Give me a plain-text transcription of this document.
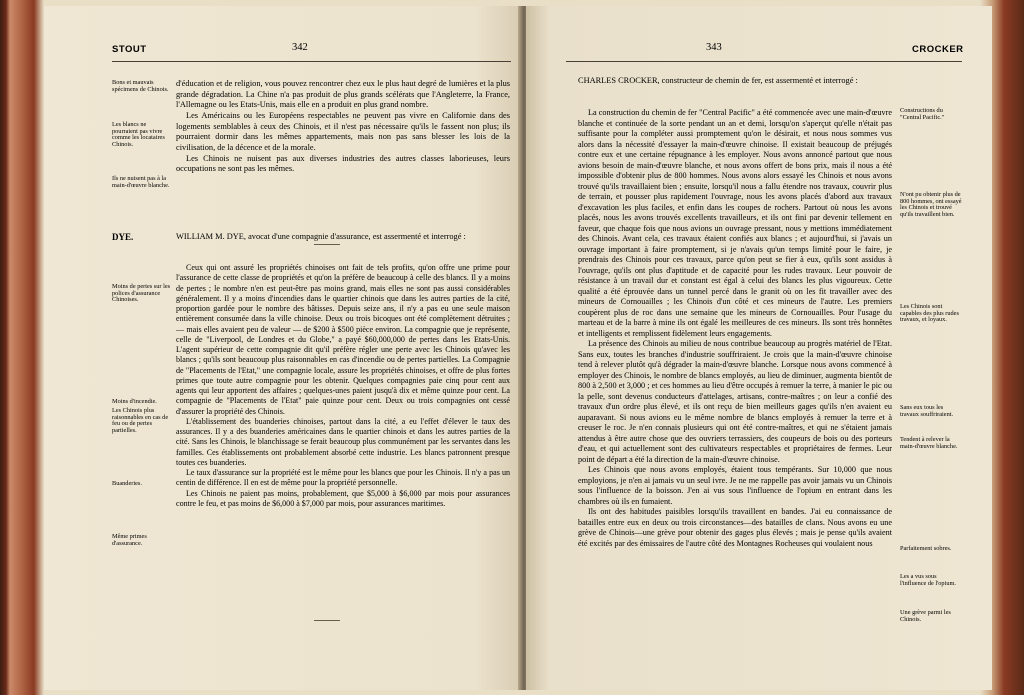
STOUT	342
Bons et mauvais spécimens de Chinois.
Les blancs ne pourraient pas vivre comme les locataires Chinois.
Ils ne nuisent pas à la main-d'œuvre blanche.

d'éducation et de religion, vous pouvez rencontrer chez eux le plus haut degré de lumières et la plus grande dégradation. La Chine n'a pas produit de plus grands scélérats que l'Angleterre, la France, l'Allemagne ou les Etats-Unis, mais elle en a produit en plus grand nombre.

Les Américains ou les Européens respectables ne peuvent pas vivre en Californie dans des logements semblables à ceux des Chinois, et il n'est pas nécessaire qu'ils le fassent non plus; ils pourraient dormir dans les mêmes appartements, mais non pas sans blesser les lois de la civilisation, de la décence et de la morale.

Les Chinois ne nuisent pas aux diverses industries des autres classes laborieuses, leurs occupations ne sont pas les mêmes.

DYE.	WILLIAM M. DYE, avocat d'une compagnie d'assurance, est assermenté et interrogé :

Moins de pertes sur les polices d'assurance Chinoises.
Moins d'incendie.
Les Chinois plus raisonnables en cas de feu ou de pertes partielles.
Buanderies.
Même primes d'assurance.

Ceux qui ont assuré les propriétés chinoises ont fait de tels profits, qu'on offre une prime pour l'assurance de cette classe de propriétés et qu'on la préfère de beaucoup à celle des blancs. Il y a moins de pertes ; le nombre n'en est peut-être pas moins grand, mais elles ne sont pas aussi considérables généralement. Il y a moins d'incendies dans le quartier chinois que dans les autres parties de la cité, proportion gardée pour le nombre des bâtisses. Depuis seize ans, il n'y a pas eu une seule maison entièrement consumée dans la ville chinoise. Deux ou trois bicoques ont été complètement détruites ; — mais elles avaient peu de valeur — de $200 à $500 pièce environ. La compagnie que je représente, celle de "Liverpool, de Londres et du Globe," a payé $60,000,000 de pertes dans les Etats-Unis. L'agent supérieur de cette compagnie dit qu'il préfère régler une perte avec les Chinois qu'avec les blancs ; qu'ils sont beaucoup plus raisonnables en cas d'incendie ou de pertes partielles. La Compagnie de "Placements de l'Etat," une compagnie locale, assure les propriétés chinoises, et offre de plus fortes primes que toute autre compagnie pour les obtenir. Quelques compagnies paie cinq pour cent aux agents qui leur apportent des affaires ; quelques-unes paient jusqu'à dix et même quinze pour cent. La compagnie de "Placements de l'Etat" paie quinze pour cent. Deux ou trois compagnies ont cessé d'assurer la propriété des Chinois.

L'établissement des buanderies chinoises, partout dans la cité, a eu l'effet d'élever le taux des assurances. Il y a des buanderies américaines dans le quartier chinois et dans les autres parties de la cité. Sans les Chinois, le blanchissage se ferait beaucoup plus communément par les servantes dans les familles. Ces établissements ont probablement absorbé cette industrie. Les blancs patronnent presque toutes ces buanderies.

Le taux d'assurance sur la propriété est le même pour les blancs que pour les Chinois. Il n'y a pas un centin de différence. Il en est de même pour la propriété personnelle.

Les Chinois ne paient pas moins, probablement, que $5,000 à $6,000 par mois pour assurances contre le feu, et pas moins de $6,000 à $7,000 par mois, pour assurances maritimes.

343	CROCKER

CHARLES CROCKER, constructeur de chemin de fer, est assermenté et interrogé :

La construction du chemin de fer "Central Pacific" a été commencée avec une main-d'œuvre blanche et continuée de la sorte pendant un an et demi, lorsqu'on s'aperçut qu'elle n'était pas suffisante pour la compléter aussi promptement qu'on le désirait, et nous nous sommes vus alors dans la nécessité d'essayer la main-d'œuvre chinoise. Il existait beaucoup de préjugés contre eux et une certaine répugnance à les employer. Nous avons annoncé partout que nous avions besoin de main-d'œuvre blanche, et nous avons offert de bons prix, mais il nous a été impossible d'obtenir plus de 800 hommes. Nous avons alors essayé les Chinois et nous avons trouvé qu'ils travaillaient bien ; ensuite, lorsqu'il nous a fallu étendre nos travaux, couvrir plus de terrain, et pousser plus rapidement l'ouvrage, nous les avons placés d'abord aux travaux d'excavation les plus faciles, et enfin dans les coupes de rochers. Partout où nous les avons placés, nous les avons trouvés excellents travailleurs, et ils ont fini par devenir tellement en faveur, que chaque fois que nous avions un ouvrage pressant, nous y mettions immédiatement des Chinois. Avant cela, ces travaux étaient confiés aux blancs ; et aujourd'hui, si j'avais un ouvrage important à faire promptement, si je n'avais qu'un temps limité pour le faire, je prendrais des Chinois pour ces travaux, parce qu'on peut se fier à eux, qu'ils sont assidus à l'ouvrage, qu'ils ont plus d'aptitude et de capacité pour les rudes travaux. Leur pouvoir de résistance à un travail dur et constant est égal à celui des blancs les plus vigoureux. Cette qualité a été éprouvée dans un tunnel percé dans le granit où on les fit travailler avec des mineurs de Cornouailles ; les Chinois d'un côté et ces mineurs de l'autre. Les premiers coupèrent plus de roc dans une semaine que les mineurs de Cornouailles. Pour l'usage du marteau et de la barre à mine ils ont égalé les meilleures de ces mineurs. Ils sont très honnêtes et intelligents et remplissent fidèlement leurs engagements.

La présence des Chinois au milieu de nous contribue beaucoup au progrès matériel de l'Etat. Sans eux, toutes les branches d'industrie souffriraient. Je crois que la main-d'œuvre chinoise tend à relever plutôt qu'à dégrader la main-d'œuvre blanche. Lorsque nous avons commencé à employer des Chinois, le nombre de blancs employés, au lieu de diminuer, augmenta bientôt de 800 à 2,500 et 3,000 ; et ces hommes au lieu d'être occupés à remuer la terre, à manier le pic ou la pelle, sont devenus conducteurs d'attelages, artisans, contre-maîtres ; on leur a confié des travaux d'un ordre plus élevé, et ils ont reçu de bien meilleurs gages qu'ils n'en avaient eu auparavant. Si nous avions eu le même nombre de blancs employés à remuer la terre et à creuser le roc. Je n'en connais plusieurs qui ont été contre-maîtres, et qui ne s'étaient jamais attendus à être autre chose que des ouvriers terrassiers, des coupeurs de bois ou des porteurs d'eau, et qui actuellement sont des cultivateurs respectables et propriétaires de fermes. Leur point de départ a été la direction de la main-d'œuvre chinoise.

Les Chinois que nous avons employés, étaient tous tempérants. Sur 10,000 que nous employions, je n'en ai jamais vu un seul ivre. Je ne me rappelle pas avoir jamais vu un Chinois sous l'influence de la boisson. J'en ai vus sous l'influence de l'opium en entrant dans les chambres où ils en fumaient.

Ils ont des habitudes paisibles lorsqu'ils travaillent en bandes. J'ai eu connaissance de batailles entre eux en deux ou trois circonstances—des batailles de clans. Nous avons eu une grève de Chinois—une grève pour obtenir des gages plus élevés ; mais je pense qu'ils avaient été excités par des émissaires de l'autre côté des Montagnes Rocheuses qui voulaient nous

Constructions du "Central Pacific."
N'ont pu obtenir plus de 800 hommes, ont essayé les Chinois et trouvé qu'ils travaillent bien.
Les Chinois sont capables des plus rudes travaux, et loyaux.
Sans eux tous les travaux souffriraient.
Tendent à relever la main-d'œuvre blanche.
Parfaitement sobres.
Les a vus sous l'influence de l'opium.
Une grève parmi les Chinois.
